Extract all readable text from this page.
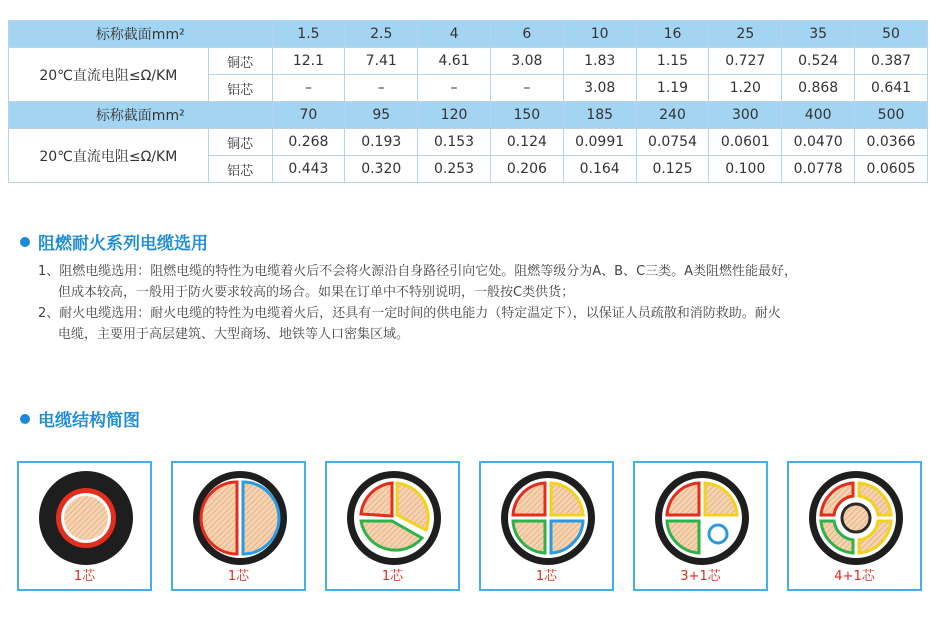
标称截面mm²		1.5	2.5	4	6	10	16	25	35	50
20℃直流电阻≤Ω/KM	铜芯	12.1	7.41	4.61	3.08	1.83	1.15	0.727	0.524	0.387
	铝芯	–	–	–	–	3.08	1.19	1.20	0.868	0.641
标称截面mm²		70	95	120	150	185	240	300	400	500
20℃直流电阻≤Ω/KM	铜芯	0.268	0.193	0.153	0.124	0.0991	0.0754	0.0601	0.0470	0.0366
	铝芯	0.443	0.320	0.253	0.206	0.164	0.125	0.100	0.0778	0.0605
阻燃耐火系列电缆选用

1、阻燃电缆选用：阻燃电缆的特性为电缆着火后不会将火源沿自身路径引向它处。阻燃等级分为A、B、C三类。A类阻燃性能最好，
但成本较高，一般用于防火要求较高的场合。如果在订单中不特别说明，一般按C类供货；

2、耐火电缆选用：耐火电缆的特性为电缆着火后，还具有一定时间的供电能力（特定温定下），以保证人员疏散和消防救助。耐火
电缆，主要用于高层建筑、大型商场、地铁等人口密集区域。

电缆结构简图
1芯	1芯	1芯	1芯	3+1芯	4+1芯
